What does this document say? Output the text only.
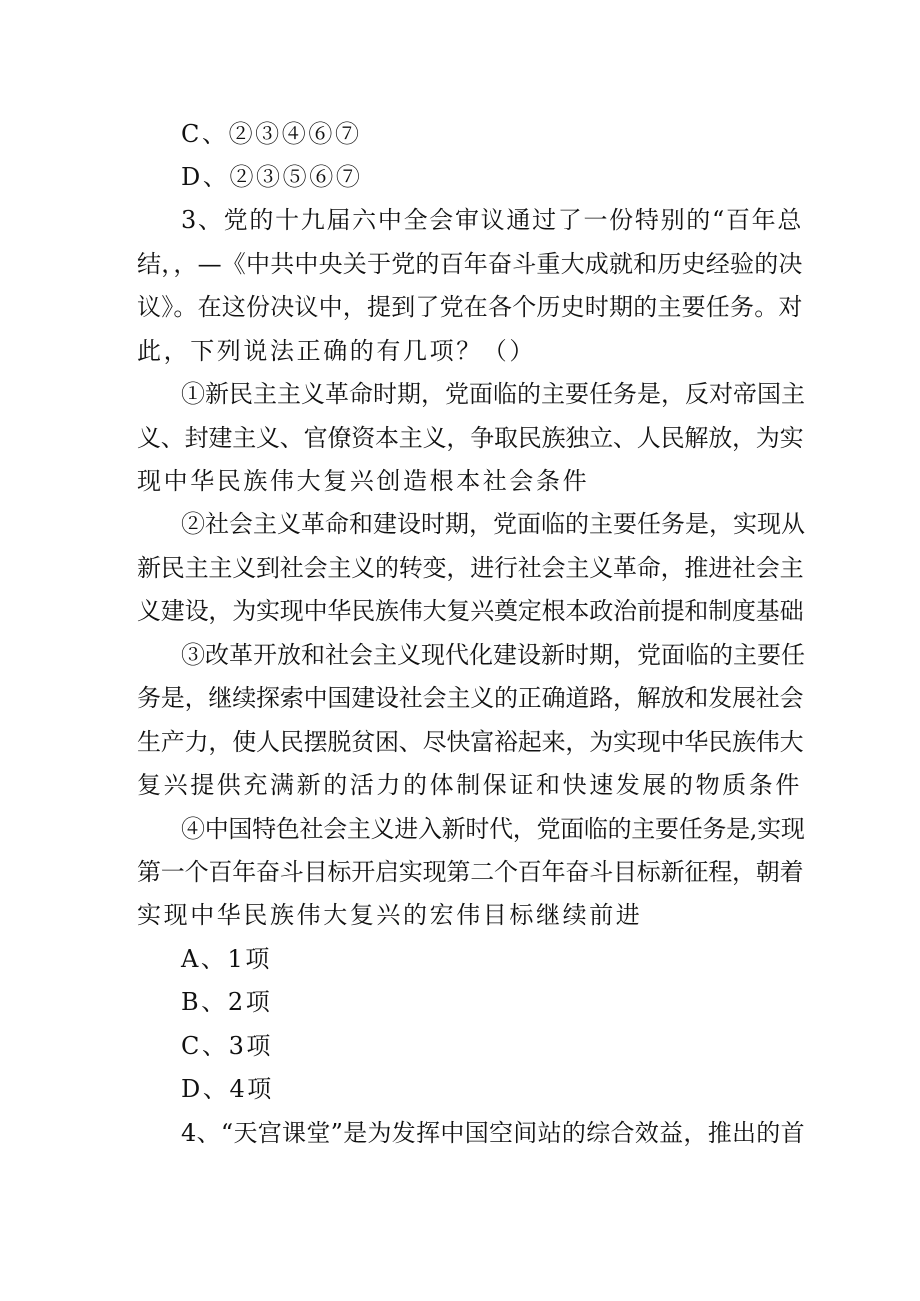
C、②③④⑥⑦
D、②③⑤⑥⑦
3、党的十九届六中全会审议通过了一份特别的“百年总
结，，—《中共中央关于党的百年奋斗重大成就和历史经验的决
议》。在这份决议中，提到了党在各个历史时期的主要任务。对
此，下列说法正确的有几项？（）
①新民主主义革命时期，党面临的主要任务是，反对帝国主
义、封建主义、官僚资本主义，争取民族独立、人民解放，为实
现中华民族伟大复兴创造根本社会条件
②社会主义革命和建设时期，党面临的主要任务是，实现从
新民主主义到社会主义的转变，进行社会主义革命，推进社会主
义建设，为实现中华民族伟大复兴奠定根本政治前提和制度基础
③改革开放和社会主义现代化建设新时期，党面临的主要任
务是，继续探索中国建设社会主义的正确道路，解放和发展社会
生产力，使人民摆脱贫困、尽快富裕起来，为实现中华民族伟大
复兴提供充满新的活力的体制保证和快速发展的物质条件
④中国特色社会主义进入新时代，党面临的主要任务是,实现
第一个百年奋斗目标开启实现第二个百年奋斗目标新征程，朝着
实现中华民族伟大复兴的宏伟目标继续前进
A、1项
B、2项
C、3项
D、4项
4、“天宫课堂”是为发挥中国空间站的综合效益，推出的首
